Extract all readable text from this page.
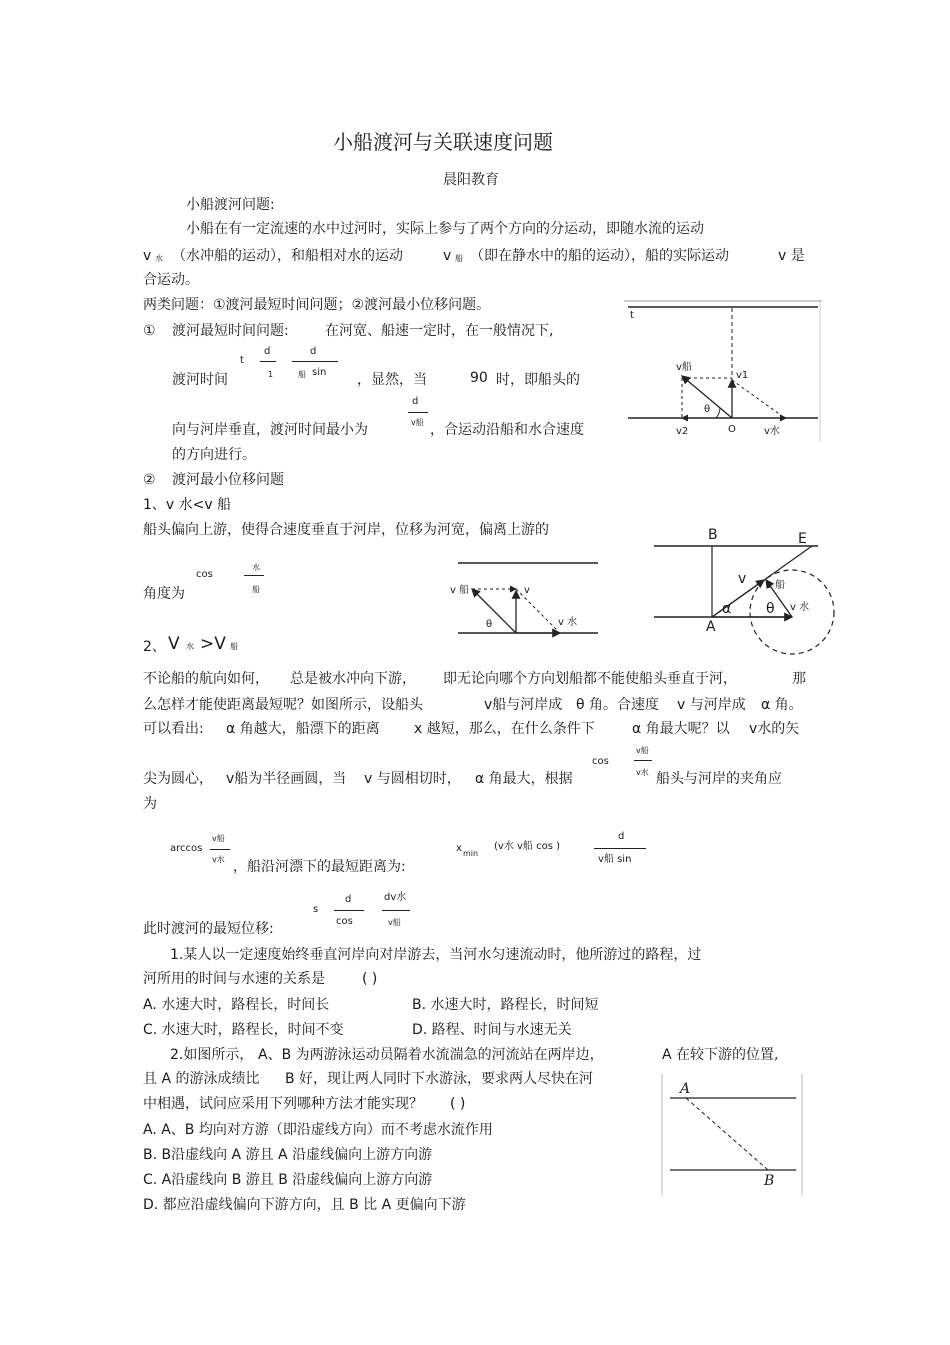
小船渡河与关联速度问题
晨阳教育
小船渡河问题:
小船在有一定流速的水中过河时，实际上参与了两个方向的分运动，即随水流的运动
v 水 （水冲船的运动），和船相对水的运动	v 船 （即在静水中的船的运动），船的实际运动	v 是
合运动。
两类问题：①渡河最短时间问题；②渡河最小位移问题。
① 渡河最短时间问题:	在河宽、船速一定时，在一般情况下,
渡河时间
t
d
1
d
船 sin ，显然，当	90 时，即船头的
向与河岸垂直，渡河时间最小为
d
v船 ，合运动沿船和水合速度
的方向进行。
t
v船
v1
θ
v2	O	v水
② 渡河最小位移问题
1、v 水<v 船
船头偏向上游，使得合速度垂直于河岸，位移为河宽，偏离上游的
角度为
cos
水
船
2、 V 水 >V 船
v 船	v
v 水
θ
B	E
v v 船
α θ v 水
A
不论船的航向如何， 总是被水冲向下游， 即无论向哪个方向划船都不能使船头垂直于河，	那
么怎样才能使距离最短呢？如图所示，设船头	v船与河岸成 θ 角。合速度 v 与河岸成 α 角。
可以看出: α 角越大，船漂下的距离 x 越短，那么，在什么条件下	α 角最大呢？以 v水的矢
cos
v船
v水
尖为圆心， v船为半径画圆，当 v 与圆相切时， α 角最大，根据	船头与河岸的夹角应
为
arccos
v船
v水 ，船沿河漂下的最短距离为:
x min
(v水 v船 cos )
d
v船 sin
此时渡河的最短位移:
s
d
cos
dv水
v船
1.某人以一定速度始终垂直河岸向对岸游去，当河水匀速流动时，他所游过的路程，过
河所用的时间与水速的关系是	( )
A. 水速大时，路程长，时间长	B. 水速大时，路程长，时间短
C. 水速大时，路程长，时间不变	D. 路程、时间与水速无关
2.如图所示， A、B 为两游泳运动员隔着水流湍急的河流站在两岸边，	A 在较下游的位置,
且 A 的游泳成绩比 B 好，现让两人同时下水游泳，要求两人尽快在河
中相遇，试问应采用下列哪种方法才能实现？ ( )
A. A、B 均向对方游（即沿虚线方向）而不考虑水流作用
B. B沿虚线向 A 游且 A 沿虚线偏向上游方向游
C. A沿虚线向 B 游且 B 沿虚线偏向上游方向游
D. 都应沿虚线偏向下游方向，且 B 比 A 更偏向下游
A
B
